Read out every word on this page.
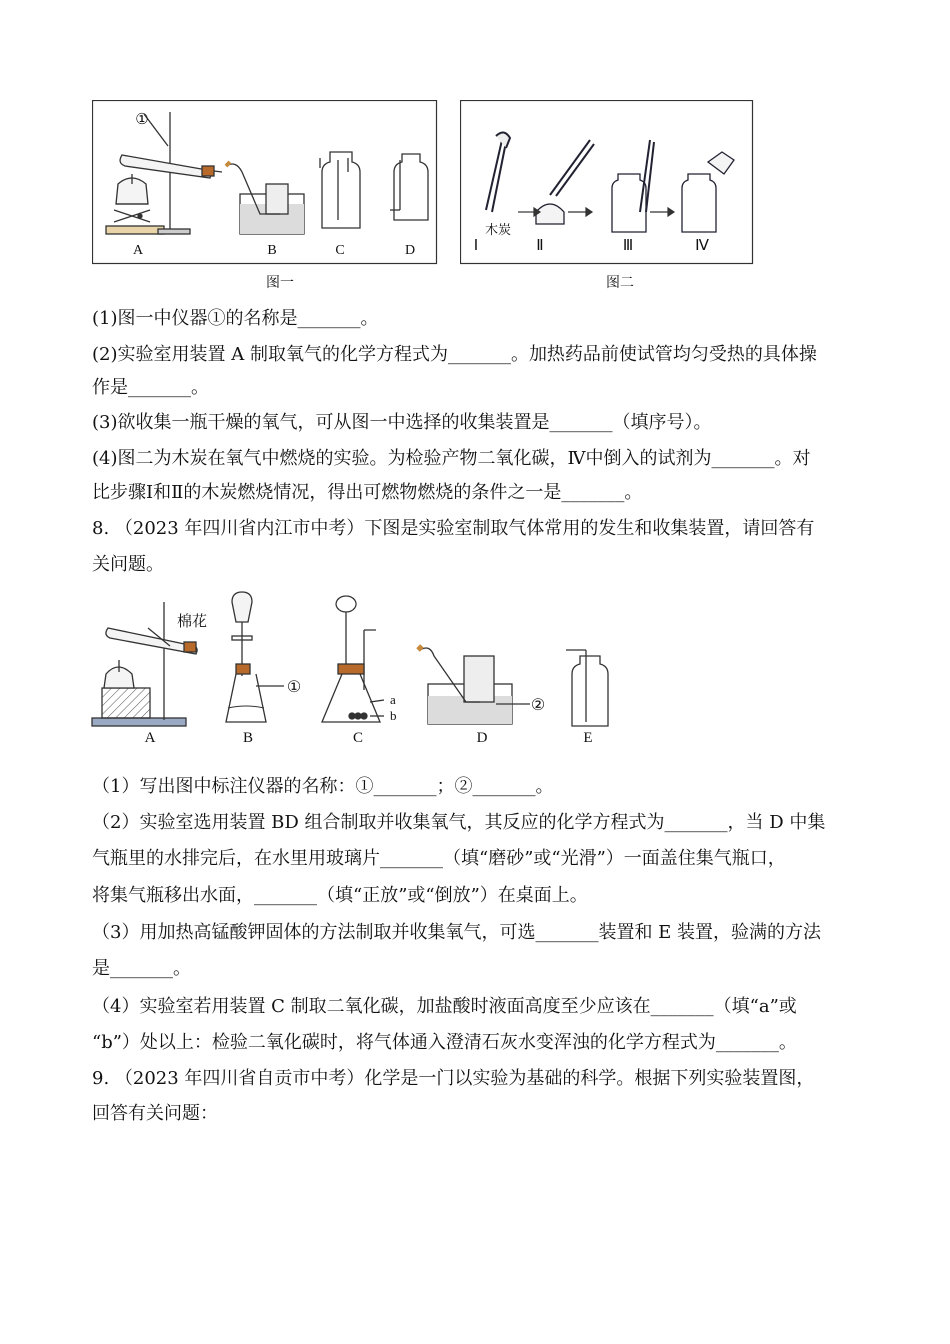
A
①
B	C	D
图一
Ⅰ	Ⅱ	Ⅲ	Ⅳ
木炭
图二
(1)图一中仪器①的名称是_______。
(2)实验室用装置 A 制取氧气的化学方程式为_______。加热药品前使试管均匀受热的具体操
作是_______。
(3)欲收集一瓶干燥的氧气，可从图一中选择的收集装置是_______（填序号）。
(4)图二为木炭在氧气中燃烧的实验。为检验产物二氧化碳，Ⅳ中倒入的试剂为_______。对
比步骤Ⅰ和Ⅱ的木炭燃烧情况，得出可燃物燃烧的条件之一是_______。
8. （2023 年四川省内江市中考）下图是实验室制取气体常用的发生和收集装置，请回答有
关问题。
A
棉花
B
①
C
a
b
D
②
E
（1）写出图中标注仪器的名称：①_______；②_______。
（2）实验室选用装置 BD 组合制取并收集氧气，其反应的化学方程式为_______，当 D 中集
气瓶里的水排完后，在水里用玻璃片_______（填“磨砂”或“光滑”）一面盖住集气瓶口，
将集气瓶移出水面，_______（填“正放”或“倒放”）在桌面上。
（3）用加热高锰酸钾固体的方法制取并收集氧气，可选_______装置和 E 装置，验满的方法
是_______。
（4）实验室若用装置 C 制取二氧化碳，加盐酸时液面高度至少应该在_______（填“a”或
“b”）处以上：检验二氧化碳时，将气体通入澄清石灰水变浑浊的化学方程式为_______。
9. （2023 年四川省自贡市中考）化学是一门以实验为基础的科学。根据下列实验装置图，
回答有关问题：
